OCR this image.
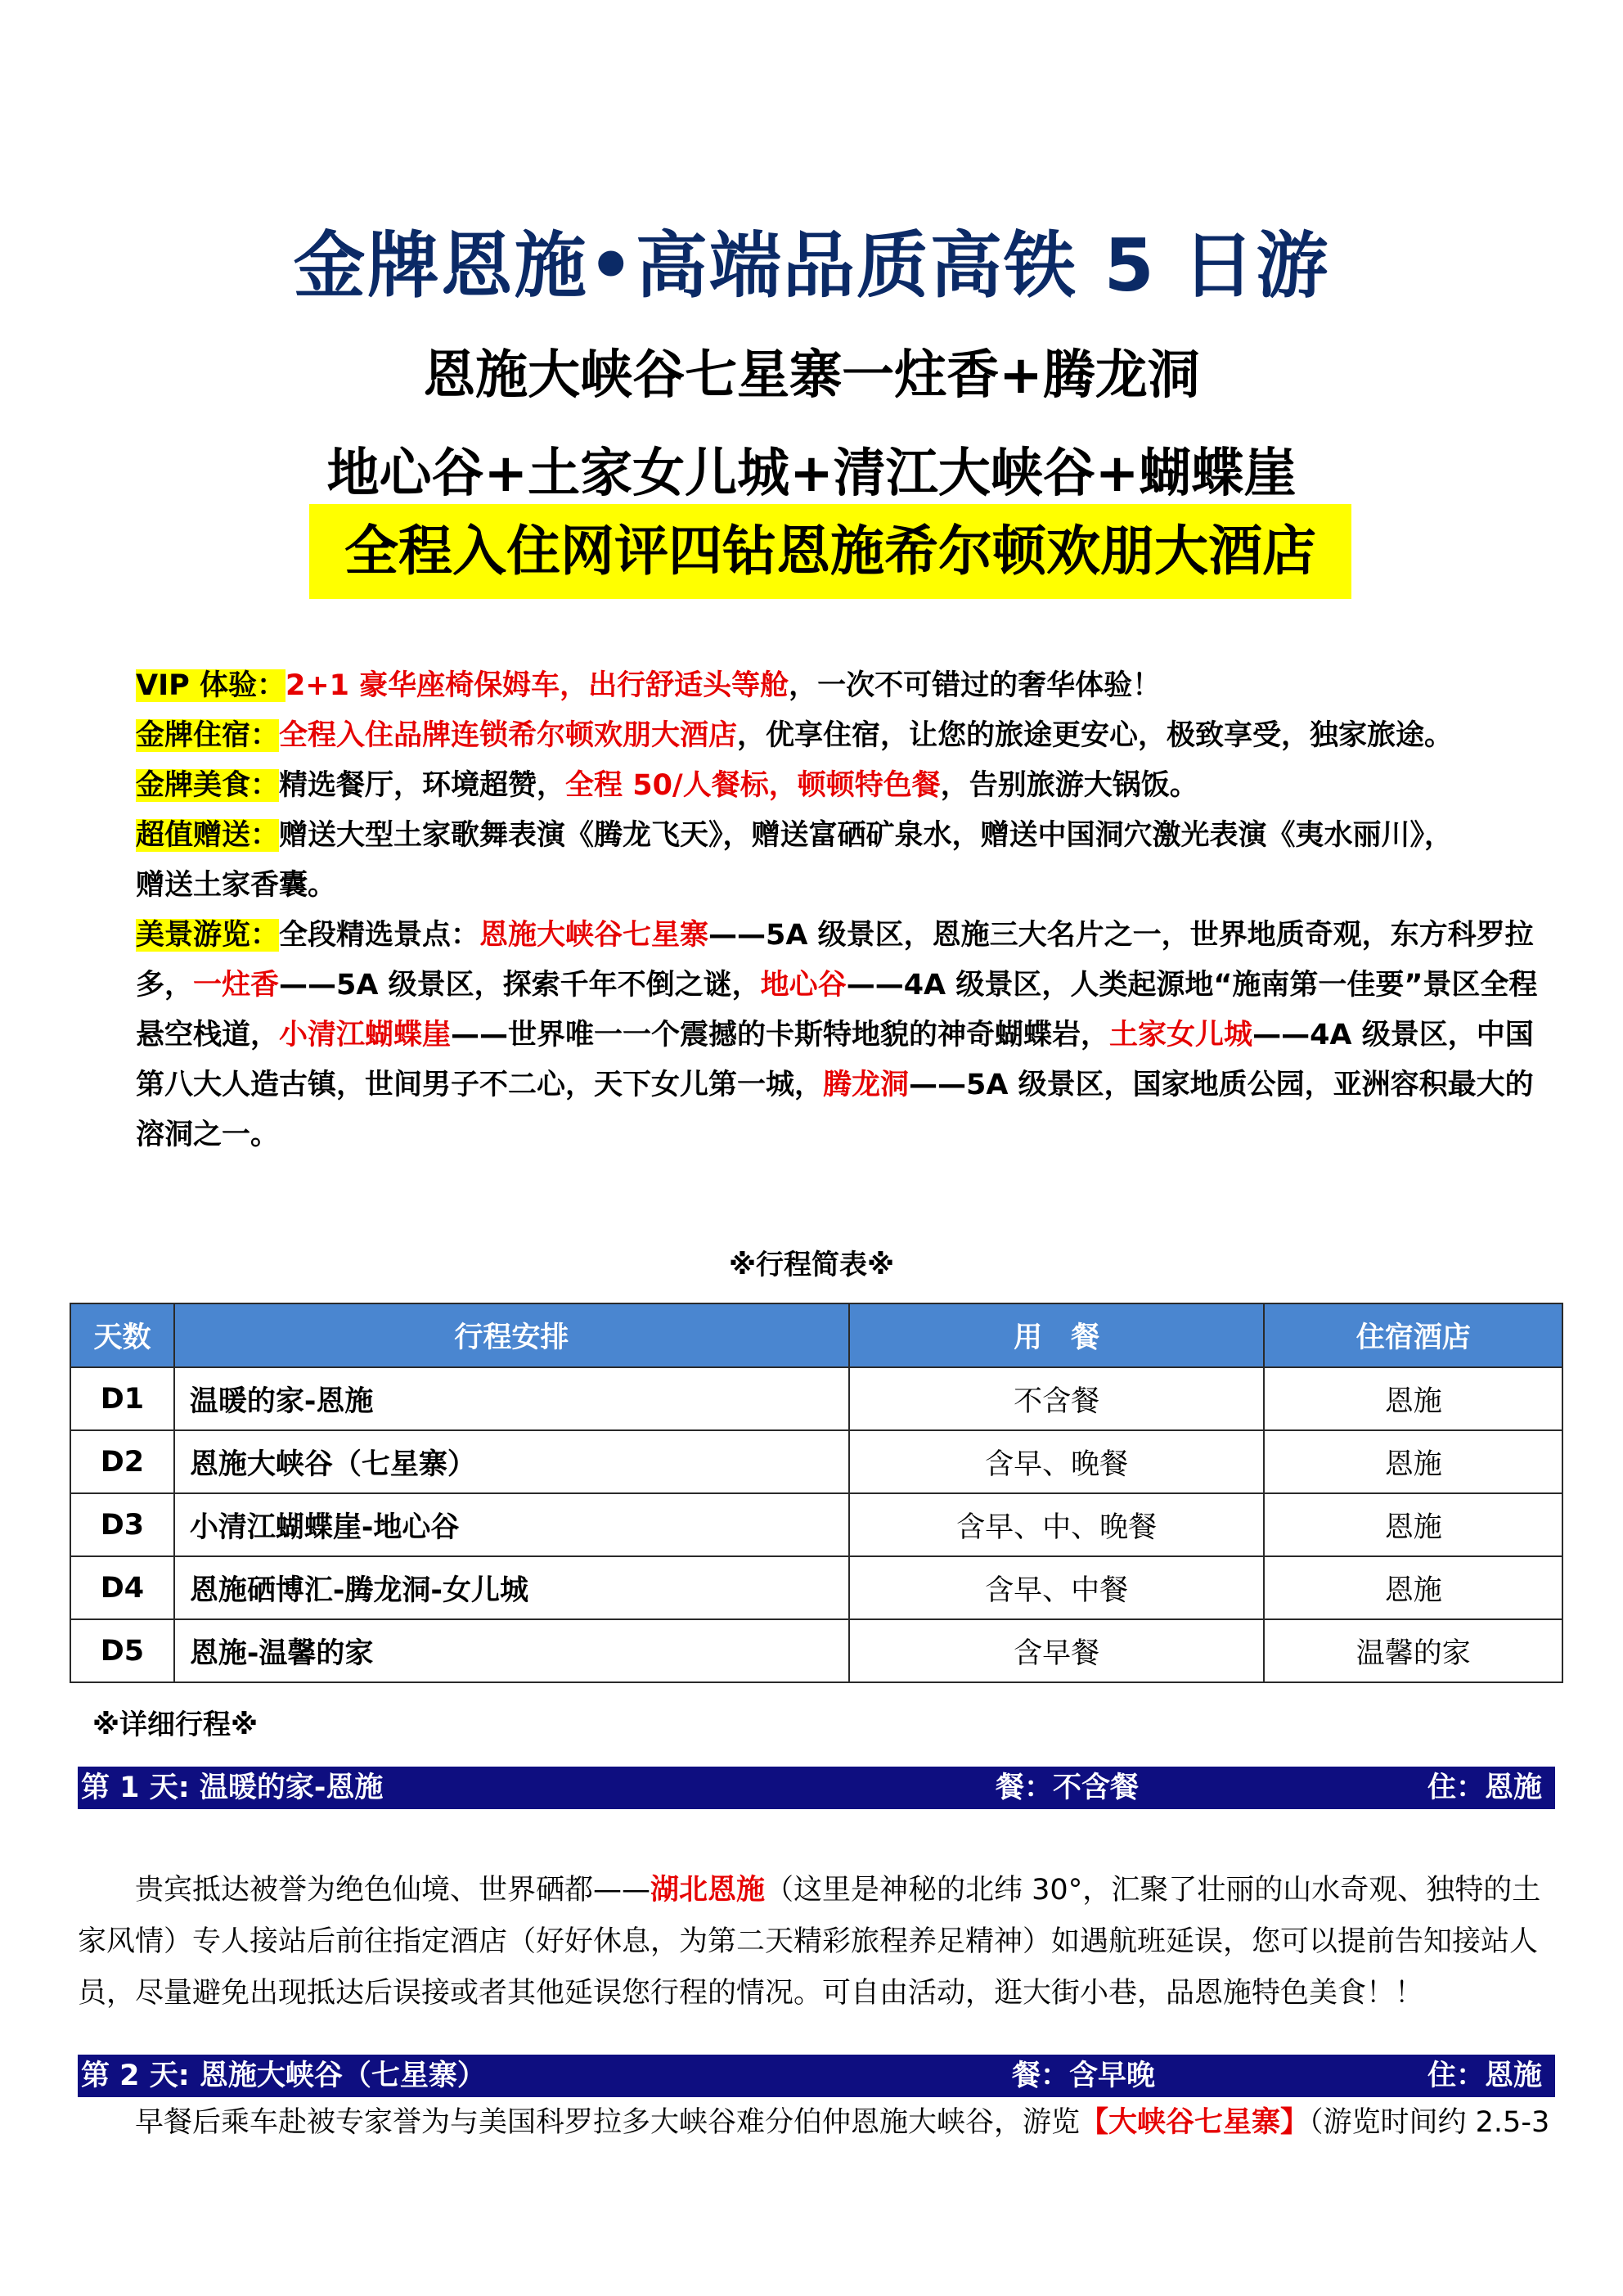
金牌恩施•高端品质高铁 5 日游
恩施大峡谷七星寨一炷香+腾龙洞
地心谷+土家女儿城+清江大峡谷+蝴蝶崖
全程入住网评四钻恩施希尔顿欢朋大酒店

VIP 体验：2+1 豪华座椅保姆车，出行舒适头等舱，一次不可错过的奢华体验！

金牌住宿：全程入住品牌连锁希尔顿欢朋大酒店，优享住宿，让您的旅途更安心，极致享受，独家旅途。

金牌美食：精选餐厅，环境超赞，全程 50/人餐标，顿顿特色餐，告别旅游大锅饭。

超值赠送：赠送大型土家歌舞表演《腾龙飞天》，赠送富硒矿泉水，赠送中国洞穴激光表演《夷水丽川》，
赠送土家香囊。

美景游览：全段精选景点：恩施大峡谷七星寨——5A 级景区，恩施三大名片之一，世界地质奇观，东方科罗拉多，一炷香——5A 级景区，探索千年不倒之谜，地心谷——4A 级景区，人类起源地“施南第一佳要”景区全程悬空栈道，小清江蝴蝶崖——世界唯一一个震撼的卡斯特地貌的神奇蝴蝶岩，土家女儿城——4A 级景区，中国第八大人造古镇，世间男子不二心，天下女儿第一城，腾龙洞——5A 级景区，国家地质公园，亚洲容积最大的溶洞之一。

※行程简表※
天数	行程安排	用　餐	住宿酒店
D1	温暖的家-恩施	不含餐	恩施
D2	恩施大峡谷（七星寨）	含早、晚餐	恩施
D3	小清江蝴蝶崖-地心谷	含早、中、晚餐	恩施
D4	恩施硒博汇-腾龙洞-女儿城	含早、中餐	恩施
D5	恩施-温馨的家	含早餐	温馨的家
※详细行程※
第 1 天: 温暖的家-恩施	餐：不含餐	住：恩施

贵宾抵达被誉为绝色仙境、世界硒都——湖北恩施（这里是神秘的北纬 30°，汇聚了壮丽的山水奇观、独特的土家风情）专人接站后前往指定酒店（好好休息，为第二天精彩旅程养足精神）如遇航班延误，您可以提前告知接站人员，尽量避免出现抵达后误接或者其他延误您行程的情况。可自由活动，逛大街小巷，品恩施特色美食！！

第 2 天: 恩施大峡谷（七星寨）	餐：含早晚	住：恩施

早餐后乘车赴被专家誉为与美国科罗拉多大峡谷难分伯仲恩施大峡谷，游览【大峡谷七星寨】（游览时间约 2.5-3
